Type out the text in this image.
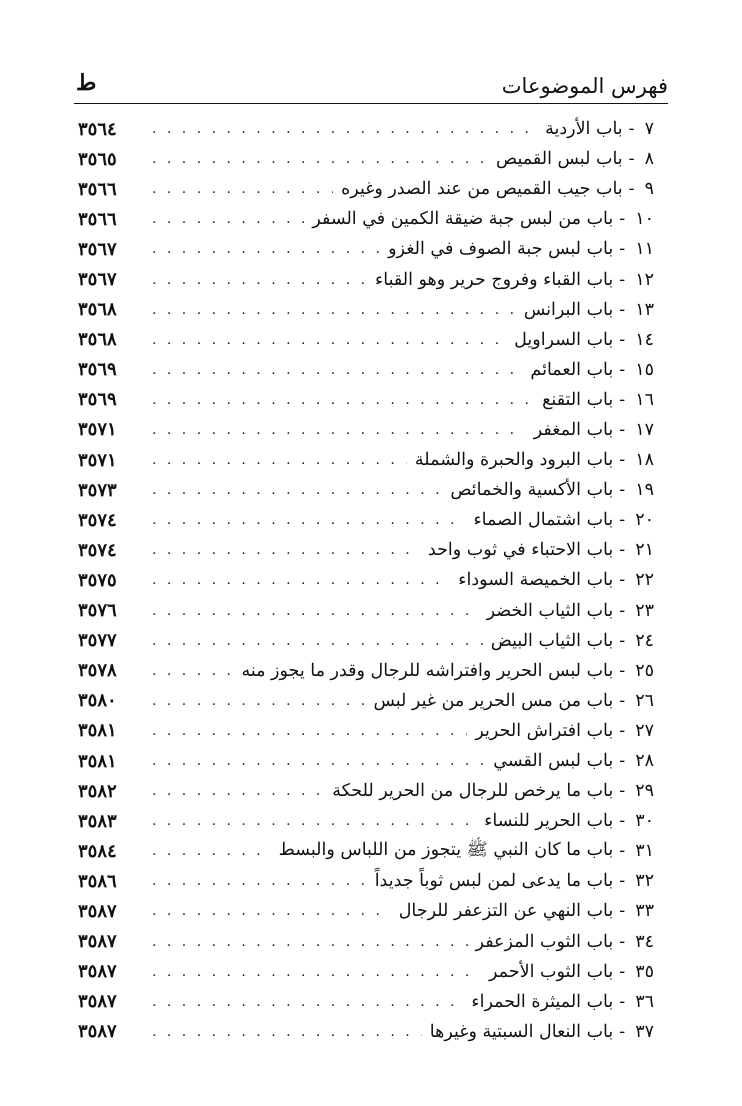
فهرس الموضوعات
ط
٧
-
باب الأردية
. . .
٣٥٦٤
٨
-
باب لبس القميص
. . .
٣٥٦٥
٩
-
باب جيب القميص من عند الصدر وغيره
. . .
٣٥٦٦
١٠
-
باب من لبس جبة ضيقة الكمين في السفر
. . .
٣٥٦٦
١١
-
باب لبس جبة الصوف في الغزو
. . .
٣٥٦٧
١٢
-
باب القباء وفروج حرير وهو القباء
. . .
٣٥٦٧
١٣
-
باب البرانس
. . .
٣٥٦٨
١٤
-
باب السراويل
. . .
٣٥٦٨
١٥
-
باب العمائم
. . .
٣٥٦٩
١٦
-
باب التقنع
. . .
٣٥٦٩
١٧
-
باب المغفر
. . .
٣٥٧١
١٨
-
باب البرود والحبرة والشملة
. . .
٣٥٧١
١٩
-
باب الأكسية والخمائص
. . .
٣٥٧٣
٢٠
-
باب اشتمال الصماء
. . .
٣٥٧٤
٢١
-
باب الاحتباء في ثوب واحد
. . .
٣٥٧٤
٢٢
-
باب الخميصة السوداء
. . .
٣٥٧٥
٢٣
-
باب الثياب الخضر
. . .
٣٥٧٦
٢٤
-
باب الثياب البيض
. . .
٣٥٧٧
٢٥
-
باب لبس الحرير وافتراشه للرجال وقدر ما يجوز منه
. . .
٣٥٧٨
٢٦
-
باب من مس الحرير من غير لبس
. . .
٣٥٨٠
٢٧
-
باب افتراش الحرير
. . .
٣٥٨١
٢٨
-
باب لبس القسي
. . .
٣٥٨١
٢٩
-
باب ما يرخص للرجال من الحرير للحكة
. . .
٣٥٨٢
٣٠
-
باب الحرير للنساء
. . .
٣٥٨٣
٣١
-
باب ما كان النبي ﷺ يتجوز من اللباس والبسط
. . .
٣٥٨٤
٣٢
-
باب ما يدعى لمن لبس ثوباً جديداً
. . .
٣٥٨٦
٣٣
-
باب النهي عن التزعفر للرجال
. . .
٣٥٨٧
٣٤
-
باب الثوب المزعفر
. . .
٣٥٨٧
٣٥
-
باب الثوب الأحمر
. . .
٣٥٨٧
٣٦
-
باب الميثرة الحمراء
. . .
٣٥٨٧
٣٧
-
باب النعال السبتية وغيرها
. . .
٣٥٨٧
